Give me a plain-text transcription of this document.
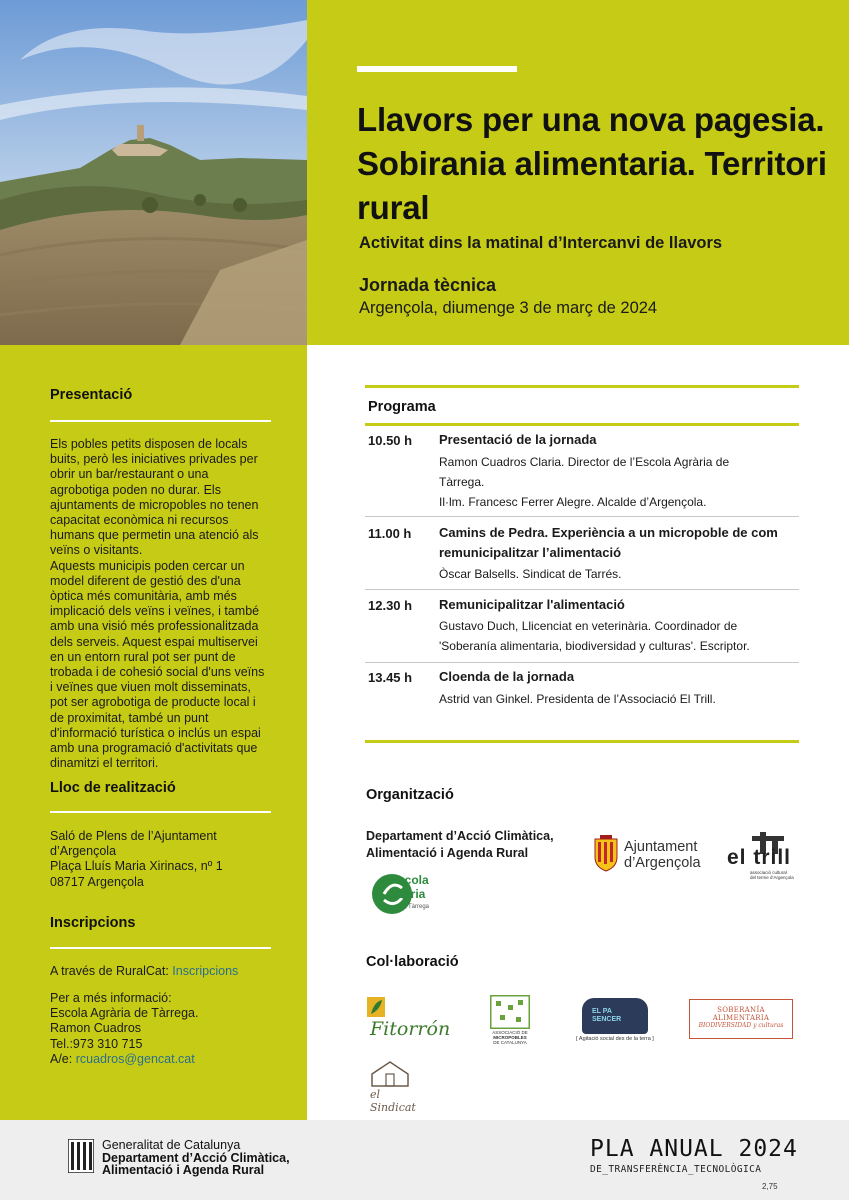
Llavors per una nova pagesia. Sobirania alimentaria. Territori rural
Activitat dins la matinal d’Intercanvi de llavors
Jornada tècnica
Argençola, diumenge 3 de març de 2024
Presentació
Els pobles petits disposen de locals
buits, però les iniciatives privades per
obrir un bar/restaurant o una
agrobotiga poden no durar. Els
ajuntaments de micropobles no tenen
capacitat econòmica ni recursos
humans que permetin una atenció als
veïns o visitants.
Aquests municipis poden cercar un
model diferent de gestió des d'una
òptica més comunitària, amb més
implicació dels veïns i veïnes, i també
amb una visió més professionalitzada
dels serveis. Aquest espai multiservei
en un entorn rural pot ser punt de
trobada i de cohesió social d'uns veïns
i veïnes que viuen molt disseminats,
pot ser agrobotiga de producte local i
de proximitat, també un punt
d'informació turística o inclús un espai
amb una programació d'activitats que
dinamitzi el territori.
Lloc de realització
Saló de Plens de l’Ajuntament
d’Argençola
Plaça Lluís Maria Xirinacs, nº 1
08717 Argençola
Inscripcions
A través de RuralCat: Inscripcions
Per a més informació:
Escola Agrària de Tàrrega.
Ramon Cuadros
Tel.:973 310 715
A/e: rcuadros@gencat.cat
Programa
10.50 h Presentació de la jornada
Ramon Cuadros Claria. Director de l’Escola Agrària de
Tàrrega.
Il·lm. Francesc Ferrer Alegre. Alcalde d’Argençola.
11.00 h Camins de Pedra. Experiència a un micropoble de com remunicipalitzar l’alimentació
Òscar Balsells. Sindicat de Tarrés.
12.30 h Remunicipalitzar l'alimentació
Gustavo Duch, Llicenciat en veterinària. Coordinador de
'Soberanía alimentaria, biodiversidad y culturas'. Escriptor.
13.45 h Cloenda de la jornada
Astrid van Ginkel. Presidenta de l’Associació El Trill.
Organització
Departament d’Acció Climàtica,
Alimentació i Agenda Rural	Ajuntament
d’Argençola el trill
associació cultural
del terme d’Argençola
scola
grària
Tàrrega
Col·laboració
Fitorrón	ASSOCIACIÓ DE
MICROPOBLES
DE CATALUNYA
EL PA
SENCER
[ Agitació social des de la terra ]
SOBERANÍA ALIMENTARIA
BIODIVERSIDAD y culturas
el Sindicat
Generalitat de Catalunya
Departament d’Acció Climàtica,
Alimentació i Agenda Rural
PLA ANUAL 2024
DE_TRANSFERÈNCIA_TECNOLÒGICA
2,75
